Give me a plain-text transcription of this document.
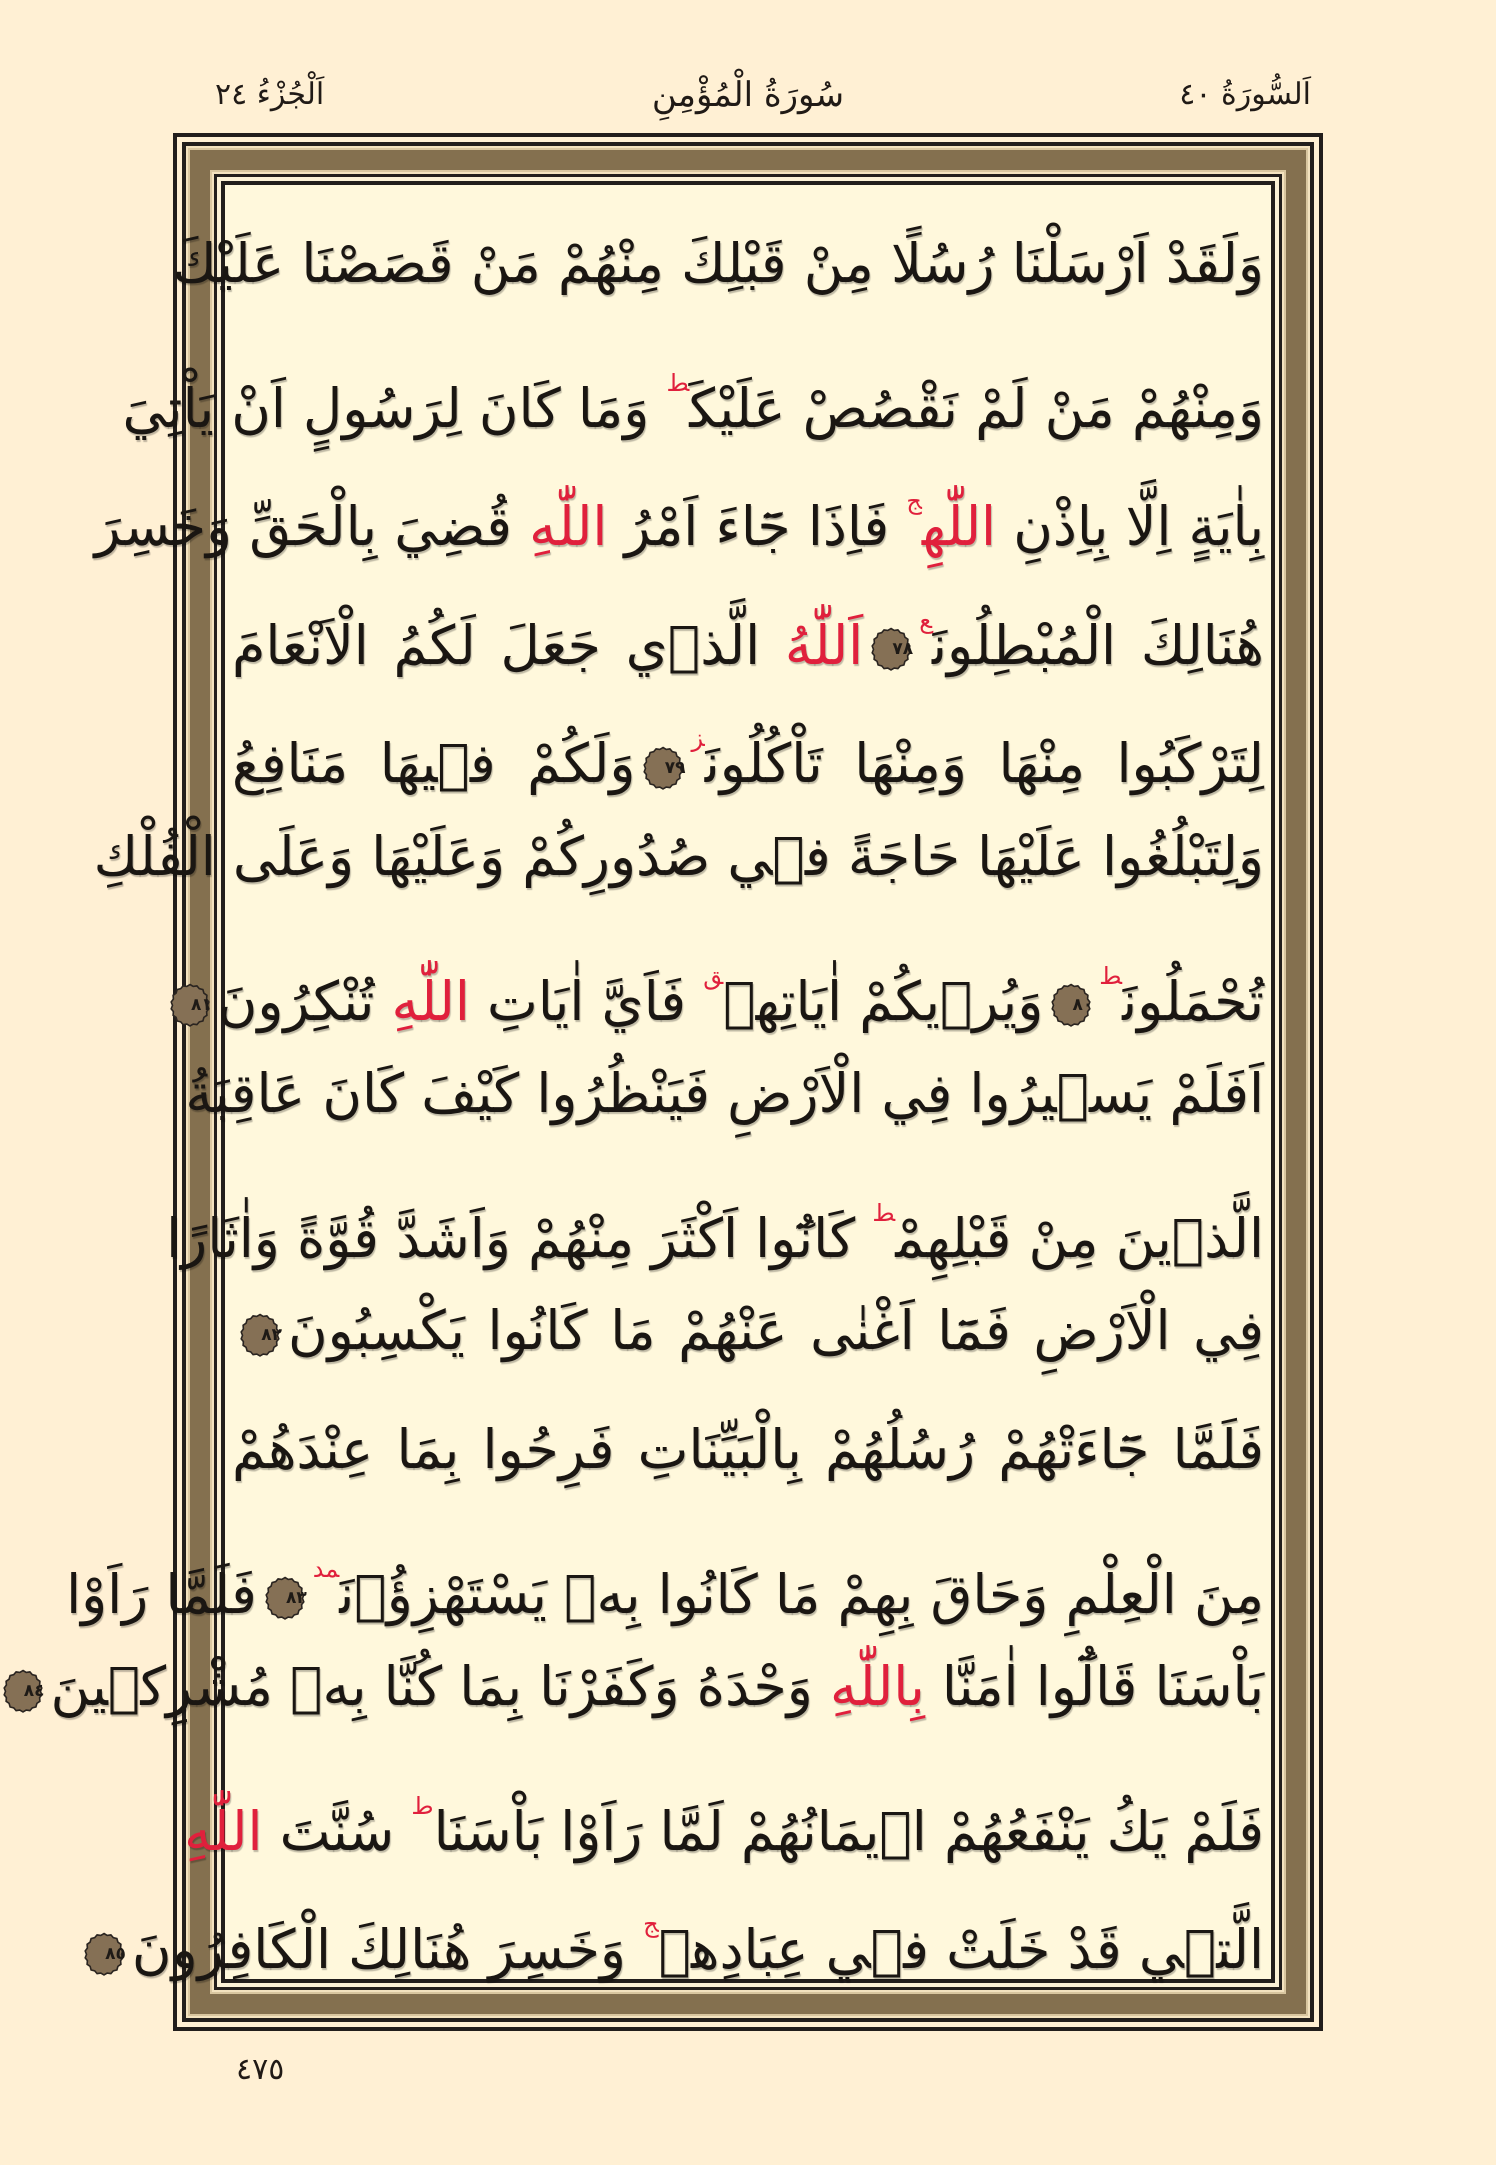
اَلْجُزْءُ ٢٤	سُورَةُ الْمُؤْمِنِ	اَلسُّورَةُ ٤٠
وَلَقَدْ اَرْسَلْنَا رُسُلًا مِنْ قَبْلِكَ مِنْهُمْ مَنْ قَصَصْنَا عَلَيْكَ
وَمِنْهُمْ مَنْ لَمْ نَقْصُصْ عَلَيْكَ$^ط$ وَمَا كَانَ لِرَسُولٍ اَنْ يَاْتِيَ
بِاٰيَةٍ اِلَّا بِاِذْنِ اللّٰهِ$^ج$ فَاِذَا جَٓاءَ اَمْرُ اللّٰهِ قُضِيَ بِالْحَقِّ وَخَسِرَ
هُنَالِكَ الْمُبْطِلُونَ$^ع$
٧٨
اَللّٰهُ الَّذٖي جَعَلَ لَكُمُ الْاَنْعَامَ
لِتَرْكَبُوا مِنْهَا وَمِنْهَا تَاْكُلُونَ$^ز$
٧٩
وَلَكُمْ فٖيهَا مَنَافِعُ
وَلِتَبْلُغُوا عَلَيْهَا حَاجَةً فٖي صُدُورِكُمْ وَعَلَيْهَا وَعَلَى الْفُلْكِ
تُحْمَلُونَ$^ط$
٨٠
وَيُرٖيكُمْ اٰيَاتِهٖ$^ق$ فَاَيَّ اٰيَاتِ اللّٰهِ تُنْكِرُونَ
٨١
اَفَلَمْ يَسٖيرُوا فِي الْاَرْضِ فَيَنْظُرُوا كَيْفَ كَانَ عَاقِبَةُ
الَّذٖينَ مِنْ قَبْلِهِمْ$^ط$ كَانُٓوا اَكْثَرَ مِنْهُمْ وَاَشَدَّ قُوَّةً وَاٰثَارًا
فِي الْاَرْضِ فَمَٓا اَغْنٰى عَنْهُمْ مَا كَانُوا يَكْسِبُونَ
٨٢
فَلَمَّا جَٓاءَتْهُمْ رُسُلُهُمْ بِالْبَيِّنَاتِ فَرِحُوا بِمَا عِنْدَهُمْ
مِنَ الْعِلْمِ وَحَاقَ بِهِمْ مَا كَانُوا بِهٖ يَسْتَهْزِؤُ۫نَ$^{مد}$
٨٣
فَلَمَّا رَاَوْا
بَاْسَنَا قَالُٓوا اٰمَنَّا بِاللّٰهِ وَحْدَهُ وَكَفَرْنَا بِمَا كُنَّا بِهٖ مُشْرِكٖينَ
٨٤
فَلَمْ يَكُ يَنْفَعُهُمْ اٖيمَانُهُمْ لَمَّا رَاَوْا بَاْسَنَا$^ط$ سُنَّتَ اللّٰهِ
الَّتٖي قَدْ خَلَتْ فٖي عِبَادِهٖ$^ج$ وَخَسِرَ هُنَالِكَ الْكَافِرُونَ
٨٥
٤٧٥
